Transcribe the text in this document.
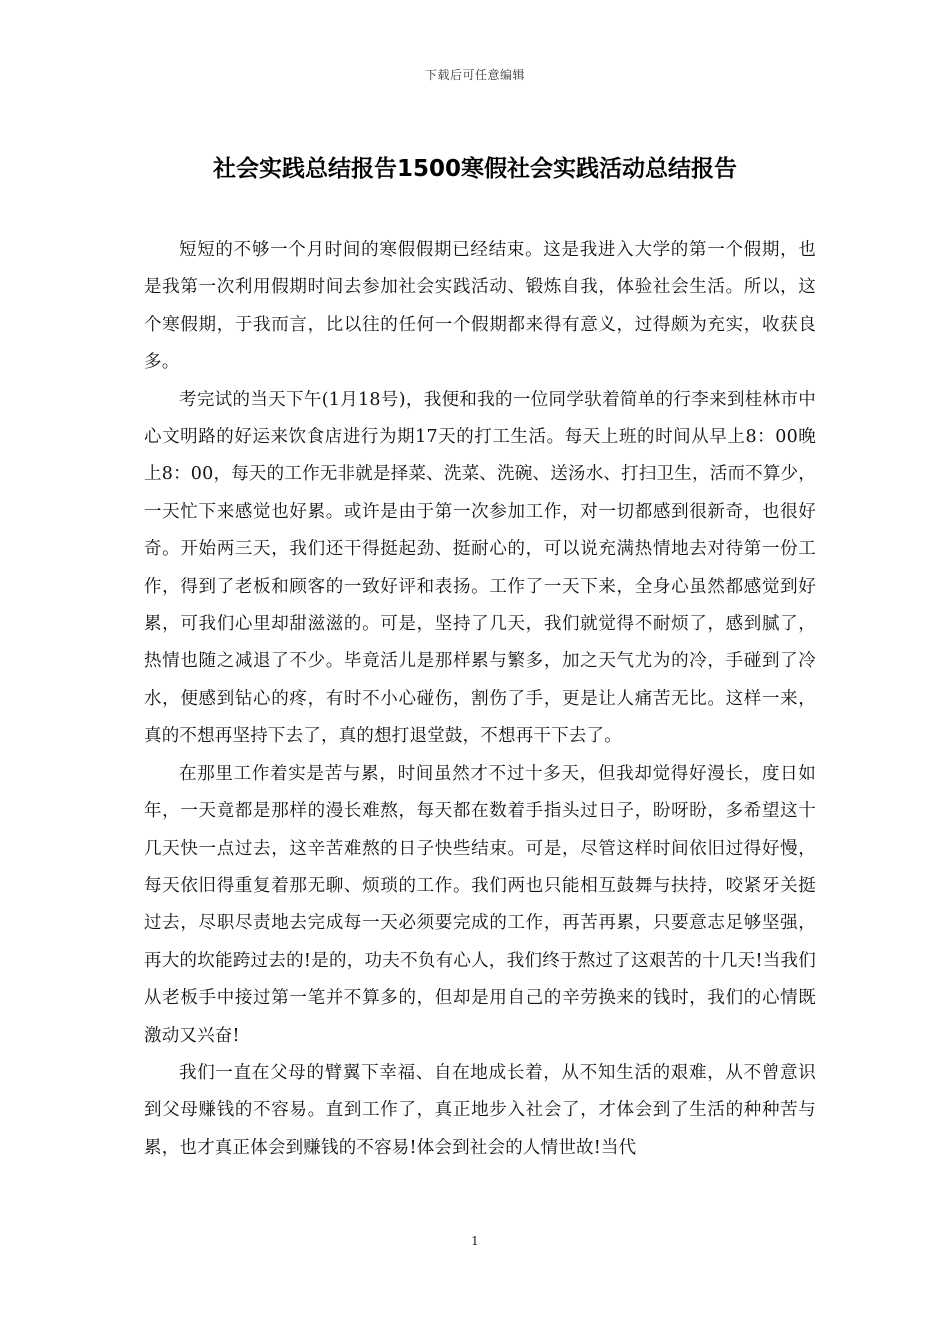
下载后可任意编辑
社会实践总结报告1500寒假社会实践活动总结报告

短短的不够一个月时间的寒假假期已经结束。这是我进入大学的第一个假期，也是我第一次利用假期时间去参加社会实践活动、锻炼自我，体验社会生活。所以，这个寒假期，于我而言，比以往的任何一个假期都来得有意义，过得颇为充实，收获良多。

考完试的当天下午(1月18号)，我便和我的一位同学驮着简单的行李来到桂林市中心文明路的好运来饮食店进行为期17天的打工生活。每天上班的时间从早上8：00晚上8：00，每天的工作无非就是择菜、洗菜、洗碗、送汤水、打扫卫生，活而不算少，一天忙下来感觉也好累。或许是由于第一次参加工作，对一切都感到很新奇，也很好奇。开始两三天，我们还干得挺起劲、挺耐心的，可以说充满热情地去对待第一份工作，得到了老板和顾客的一致好评和表扬。工作了一天下来，全身心虽然都感觉到好累，可我们心里却甜滋滋的。可是，坚持了几天，我们就觉得不耐烦了，感到腻了，热情也随之减退了不少。毕竟活儿是那样累与繁多，加之天气尤为的冷，手碰到了冷水，便感到钻心的疼，有时不小心碰伤，割伤了手，更是让人痛苦无比。这样一来，真的不想再坚持下去了，真的想打退堂鼓，不想再干下去了。

在那里工作着实是苦与累，时间虽然才不过十多天，但我却觉得好漫长，度日如年，一天竟都是那样的漫长难熬，每天都在数着手指头过日子，盼呀盼，多希望这十几天快一点过去，这辛苦难熬的日子快些结束。可是，尽管这样时间依旧过得好慢，每天依旧得重复着那无聊、烦琐的工作。我们两也只能相互鼓舞与扶持，咬紧牙关挺过去，尽职尽责地去完成每一天必须要完成的工作，再苦再累，只要意志足够坚强，再大的坎能跨过去的!是的，功夫不负有心人，我们终于熬过了这艰苦的十几天!当我们从老板手中接过第一笔并不算多的，但却是用自己的辛劳换来的钱时，我们的心情既激动又兴奋!

我们一直在父母的臂翼下幸福、自在地成长着，从不知生活的艰难，从不曾意识到父母赚钱的不容易。直到工作了，真正地步入社会了，才体会到了生活的种种苦与累，也才真正体会到赚钱的不容易!体会到社会的人情世故!当代

1
